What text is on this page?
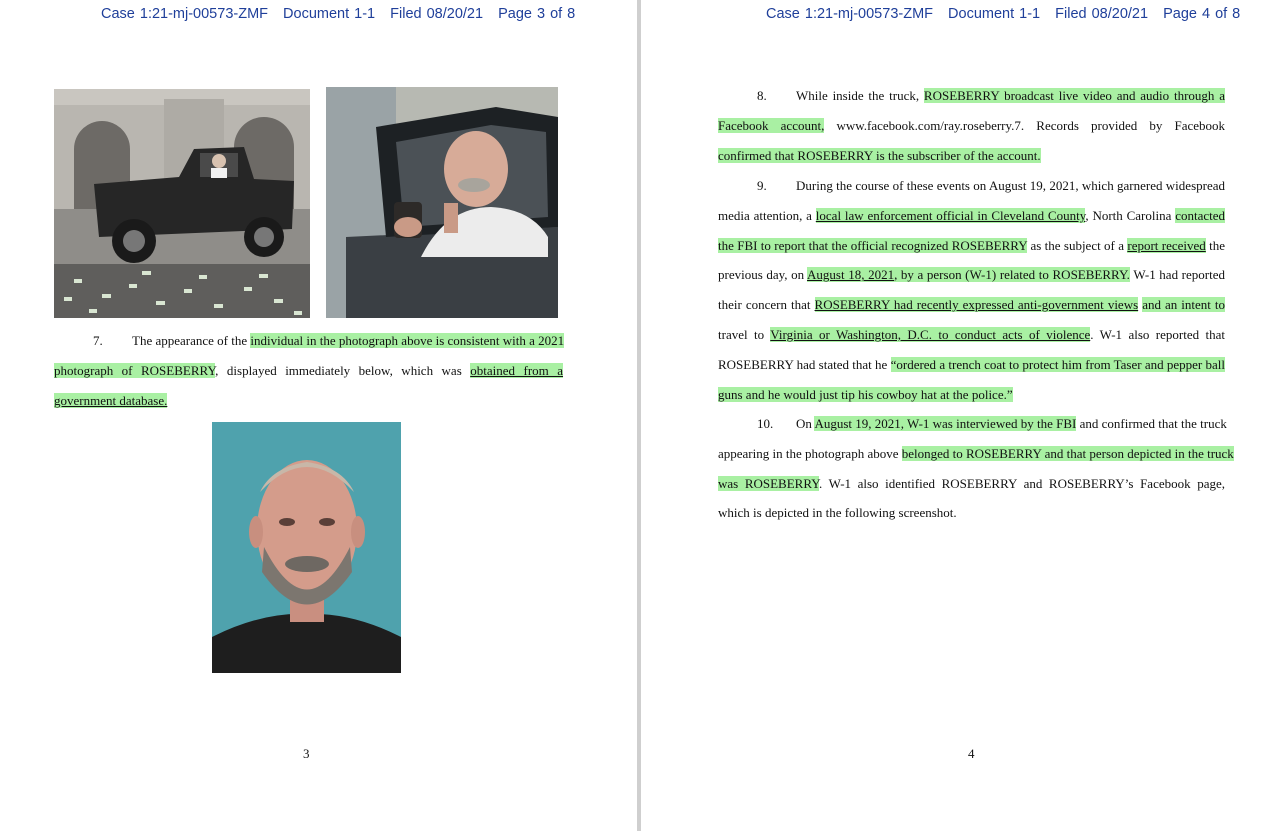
Case 1:21-mj-00573-ZMF Document 1-1 Filed 08/20/21 Page 3 of 8
7. The appearance of the individual in the photograph above is consistent with a 2021
photograph of ROSEBERRY, displayed immediately below, which was obtained from a
government database.
3
Case 1:21-mj-00573-ZMF Document 1-1 Filed 08/20/21 Page 4 of 8
8. While inside the truck, ROSEBERRY broadcast live video and audio through a
Facebook account, www.facebook.com/ray.roseberry.7. Records provided by Facebook
confirmed that ROSEBERRY is the subscriber of the account.
9. During the course of these events on August 19, 2021, which garnered widespread
media attention, a local law enforcement official in Cleveland County, North Carolina contacted
the FBI to report that the official recognized ROSEBERRY as the subject of a report received the
previous day, on August 18, 2021, by a person (W-1) related to ROSEBERRY. W-1 had reported
their concern that ROSEBERRY had recently expressed anti-government views and an intent to
travel to Virginia or Washington, D.C. to conduct acts of violence. W-1 also reported that
ROSEBERRY had stated that he “ordered a trench coat to protect him from Taser and pepper ball
guns and he would just tip his cowboy hat at the police.”
10. On August 19, 2021, W-1 was interviewed by the FBI and confirmed that the truck
appearing in the photograph above belonged to ROSEBERRY and that person depicted in the truck
was ROSEBERRY. W-1 also identified ROSEBERRY and ROSEBERRY’s Facebook page,
which is depicted in the following screenshot.
4
